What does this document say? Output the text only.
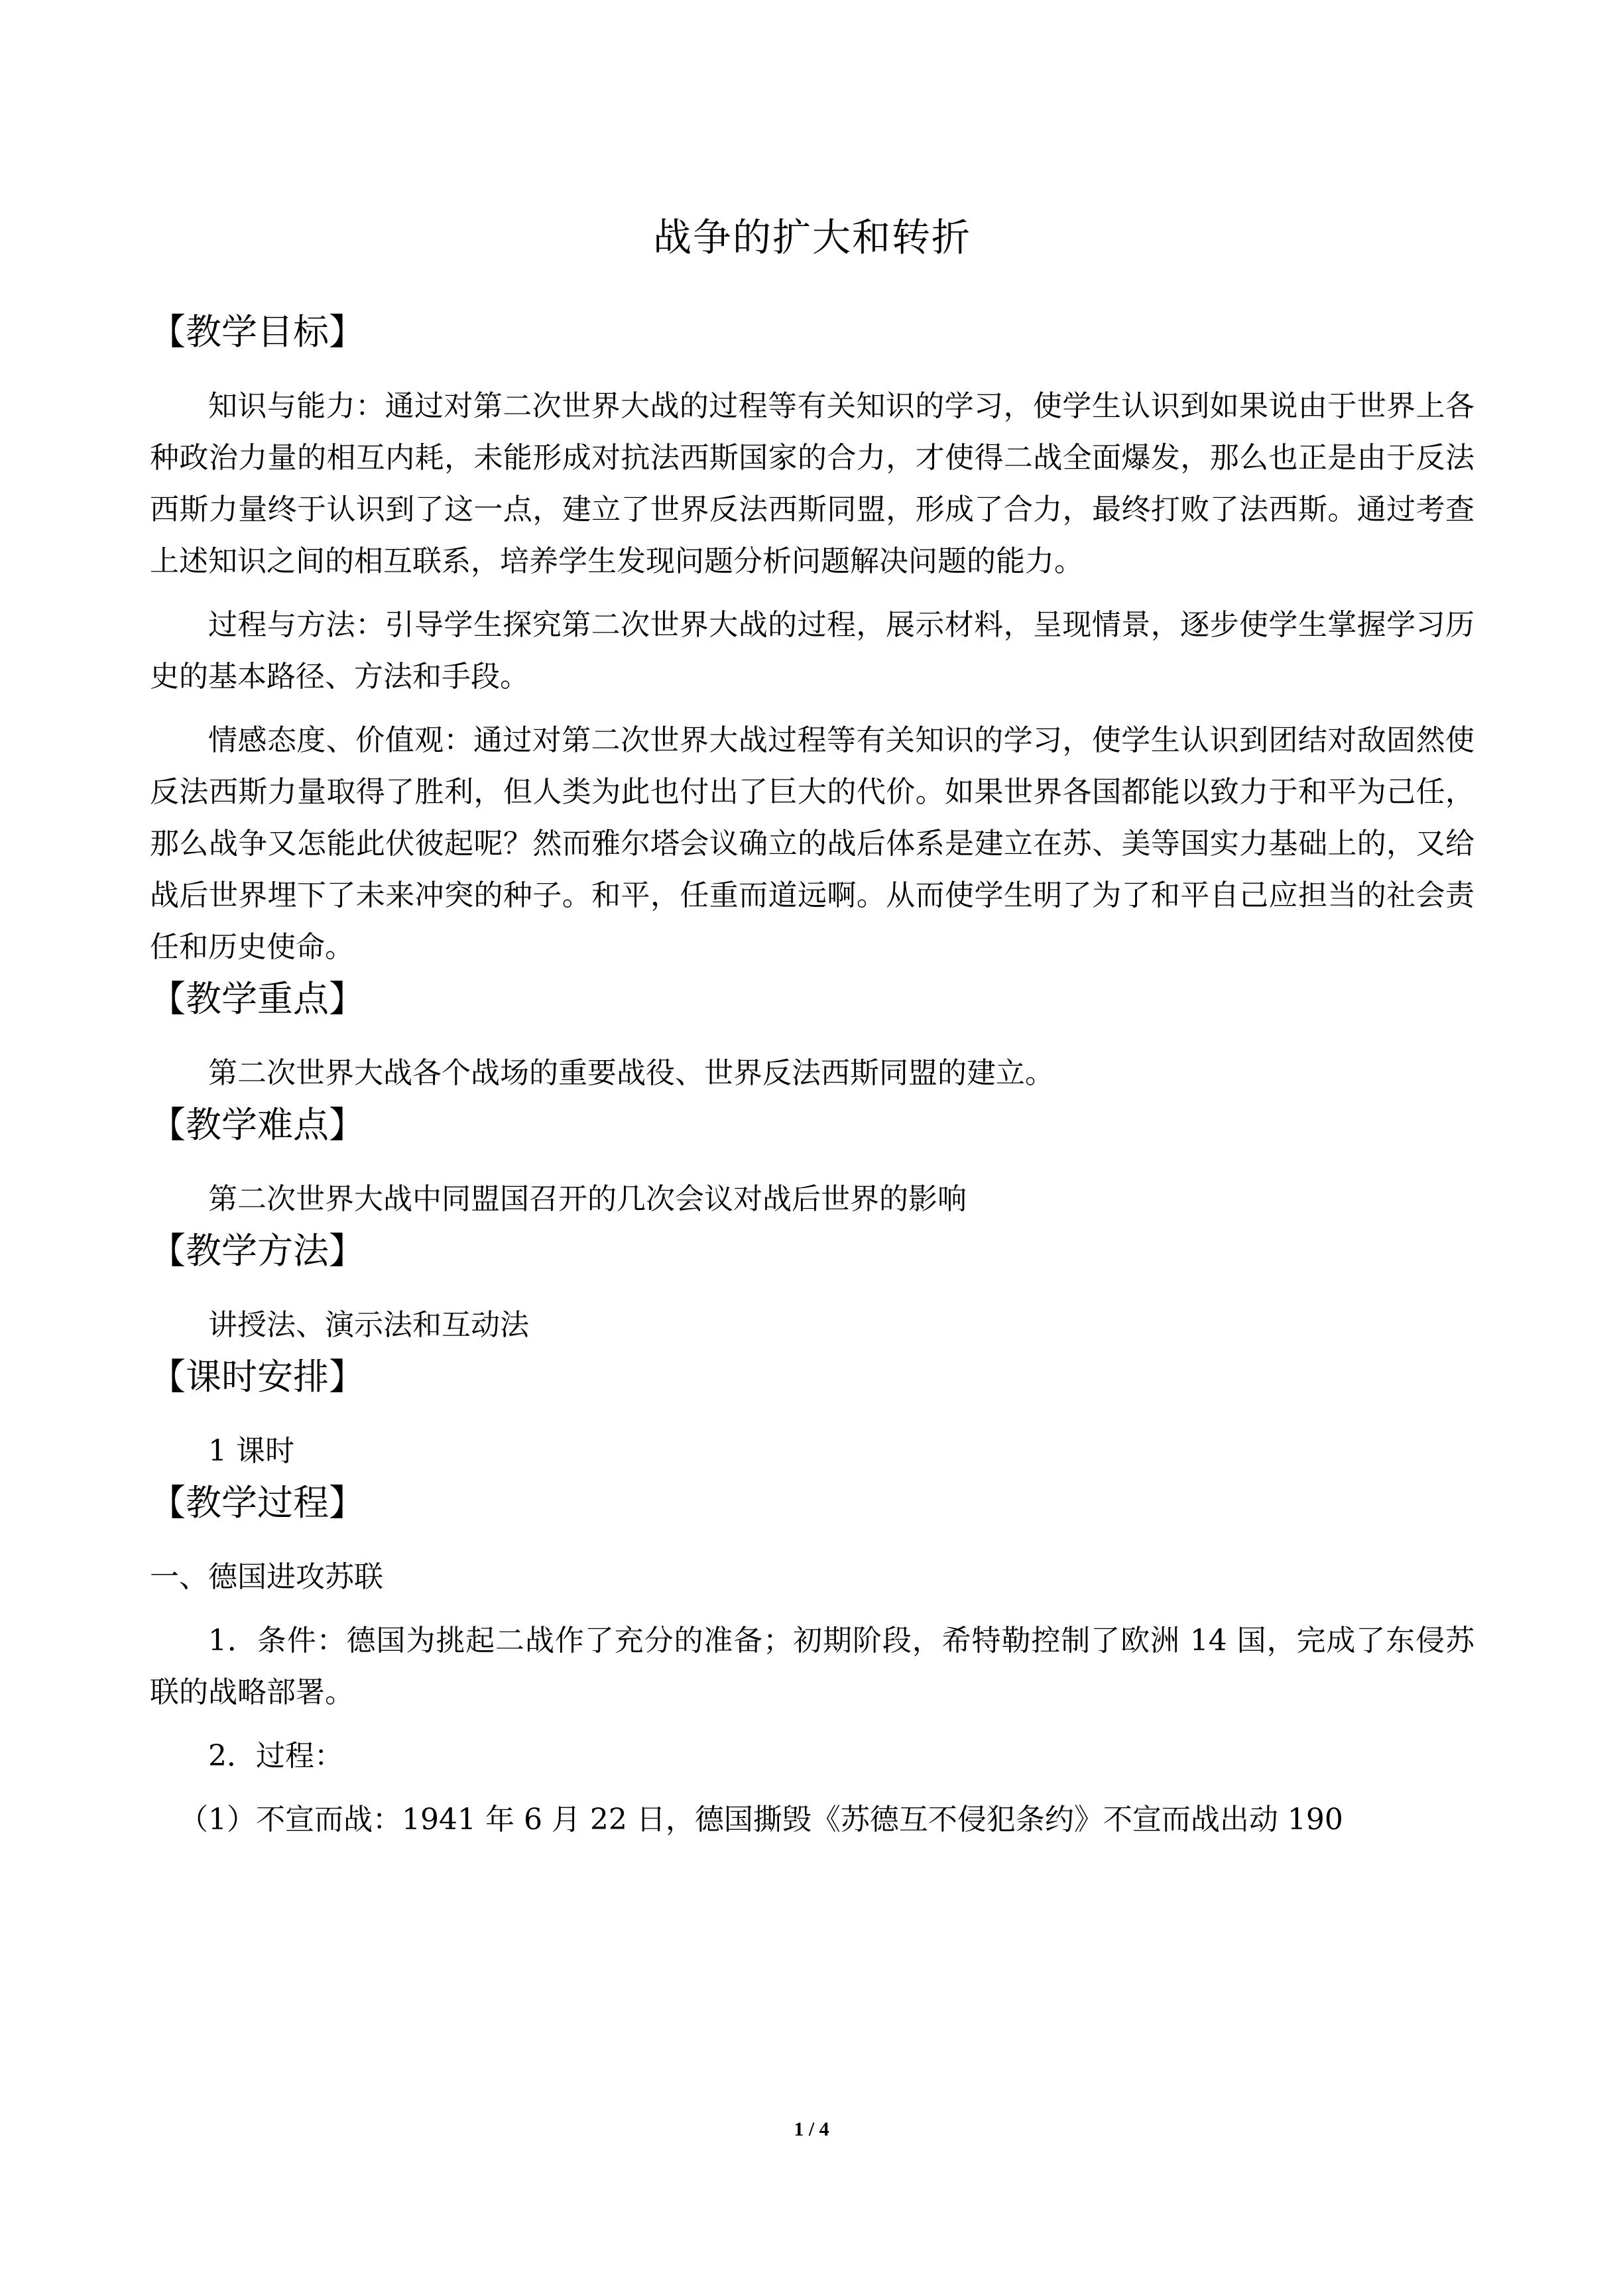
战争的扩大和转折
【教学目标】

知识与能力：通过对第二次世界大战的过程等有关知识的学习，使学生认识到如果说由于世界上各种政治力量的相互内耗，未能形成对抗法西斯国家的合力，才使得二战全面爆发，那么也正是由于反法西斯力量终于认识到了这一点，建立了世界反法西斯同盟，形成了合力，最终打败了法西斯。通过考查上述知识之间的相互联系，培养学生发现问题分析问题解决问题的能力。

过程与方法：引导学生探究第二次世界大战的过程，展示材料，呈现情景，逐步使学生掌握学习历史的基本路径、方法和手段。

情感态度、价值观：通过对第二次世界大战过程等有关知识的学习，使学生认识到团结对敌固然使反法西斯力量取得了胜利，但人类为此也付出了巨大的代价。如果世界各国都能以致力于和平为己任，那么战争又怎能此伏彼起呢？然而雅尔塔会议确立的战后体系是建立在苏、美等国实力基础上的，又给战后世界埋下了未来冲突的种子。和平，任重而道远啊。从而使学生明了为了和平自己应担当的社会责任和历史使命。

【教学重点】

第二次世界大战各个战场的重要战役、世界反法西斯同盟的建立。

【教学难点】

第二次世界大战中同盟国召开的几次会议对战后世界的影响

【教学方法】

讲授法、演示法和互动法

【课时安排】

1 课时

【教学过程】

一、德国进攻苏联

1．条件：德国为挑起二战作了充分的准备；初期阶段，希特勒控制了欧洲 14 国，完成了东侵苏联的战略部署。

2．过程：

（1）不宣而战：1941 年 6 月 22 日，德国撕毁《苏德互不侵犯条约》不宣而战出动 190

1 / 4
